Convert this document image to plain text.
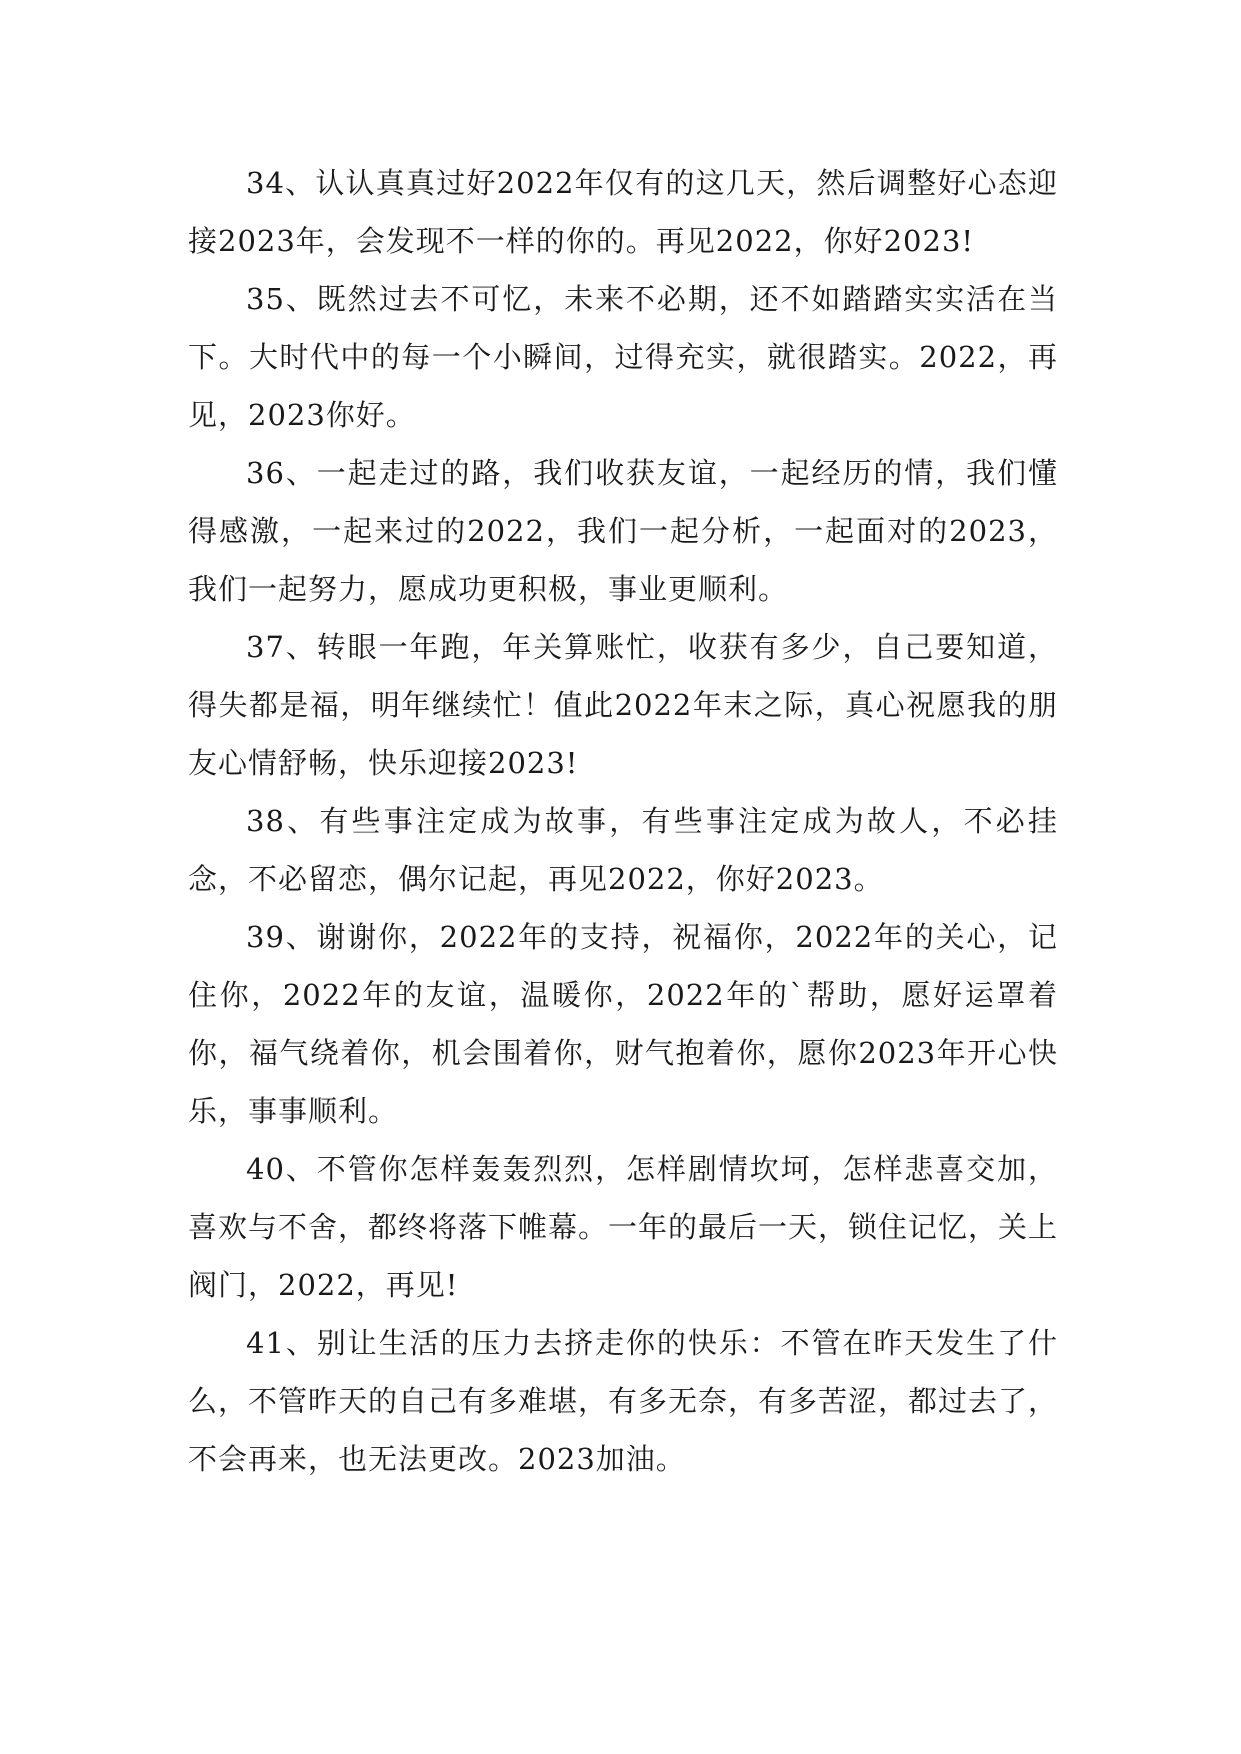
34、认认真真过好2022年仅有的这几天，然后调整好心态迎接2023年，会发现不一样的你的。再见2022，你好2023!

35、既然过去不可忆，未来不必期，还不如踏踏实实活在当下。大时代中的每一个小瞬间，过得充实，就很踏实。2022，再见，2023你好。

36、一起走过的路，我们收获友谊，一起经历的情，我们懂得感激，一起来过的2022，我们一起分析，一起面对的2023，我们一起努力，愿成功更积极，事业更顺利。

37、转眼一年跑，年关算账忙，收获有多少，自己要知道，得失都是福，明年继续忙！值此2022年末之际，真心祝愿我的朋友心情舒畅，快乐迎接2023!

38、有些事注定成为故事，有些事注定成为故人，不必挂念，不必留恋，偶尔记起，再见2022，你好2023。

39、谢谢你，2022年的支持，祝福你，2022年的关心，记住你，2022年的友谊，温暖你，2022年的`帮助，愿好运罩着你，福气绕着你，机会围着你，财气抱着你，愿你2023年开心快乐，事事顺利。

40、不管你怎样轰轰烈烈，怎样剧情坎坷，怎样悲喜交加，喜欢与不舍，都终将落下帷幕。一年的最后一天，锁住记忆，关上阀门，2022，再见!

41、别让生活的压力去挤走你的快乐：不管在昨天发生了什么，不管昨天的自己有多难堪，有多无奈，有多苦涩，都过去了，不会再来，也无法更改。2023加油。
